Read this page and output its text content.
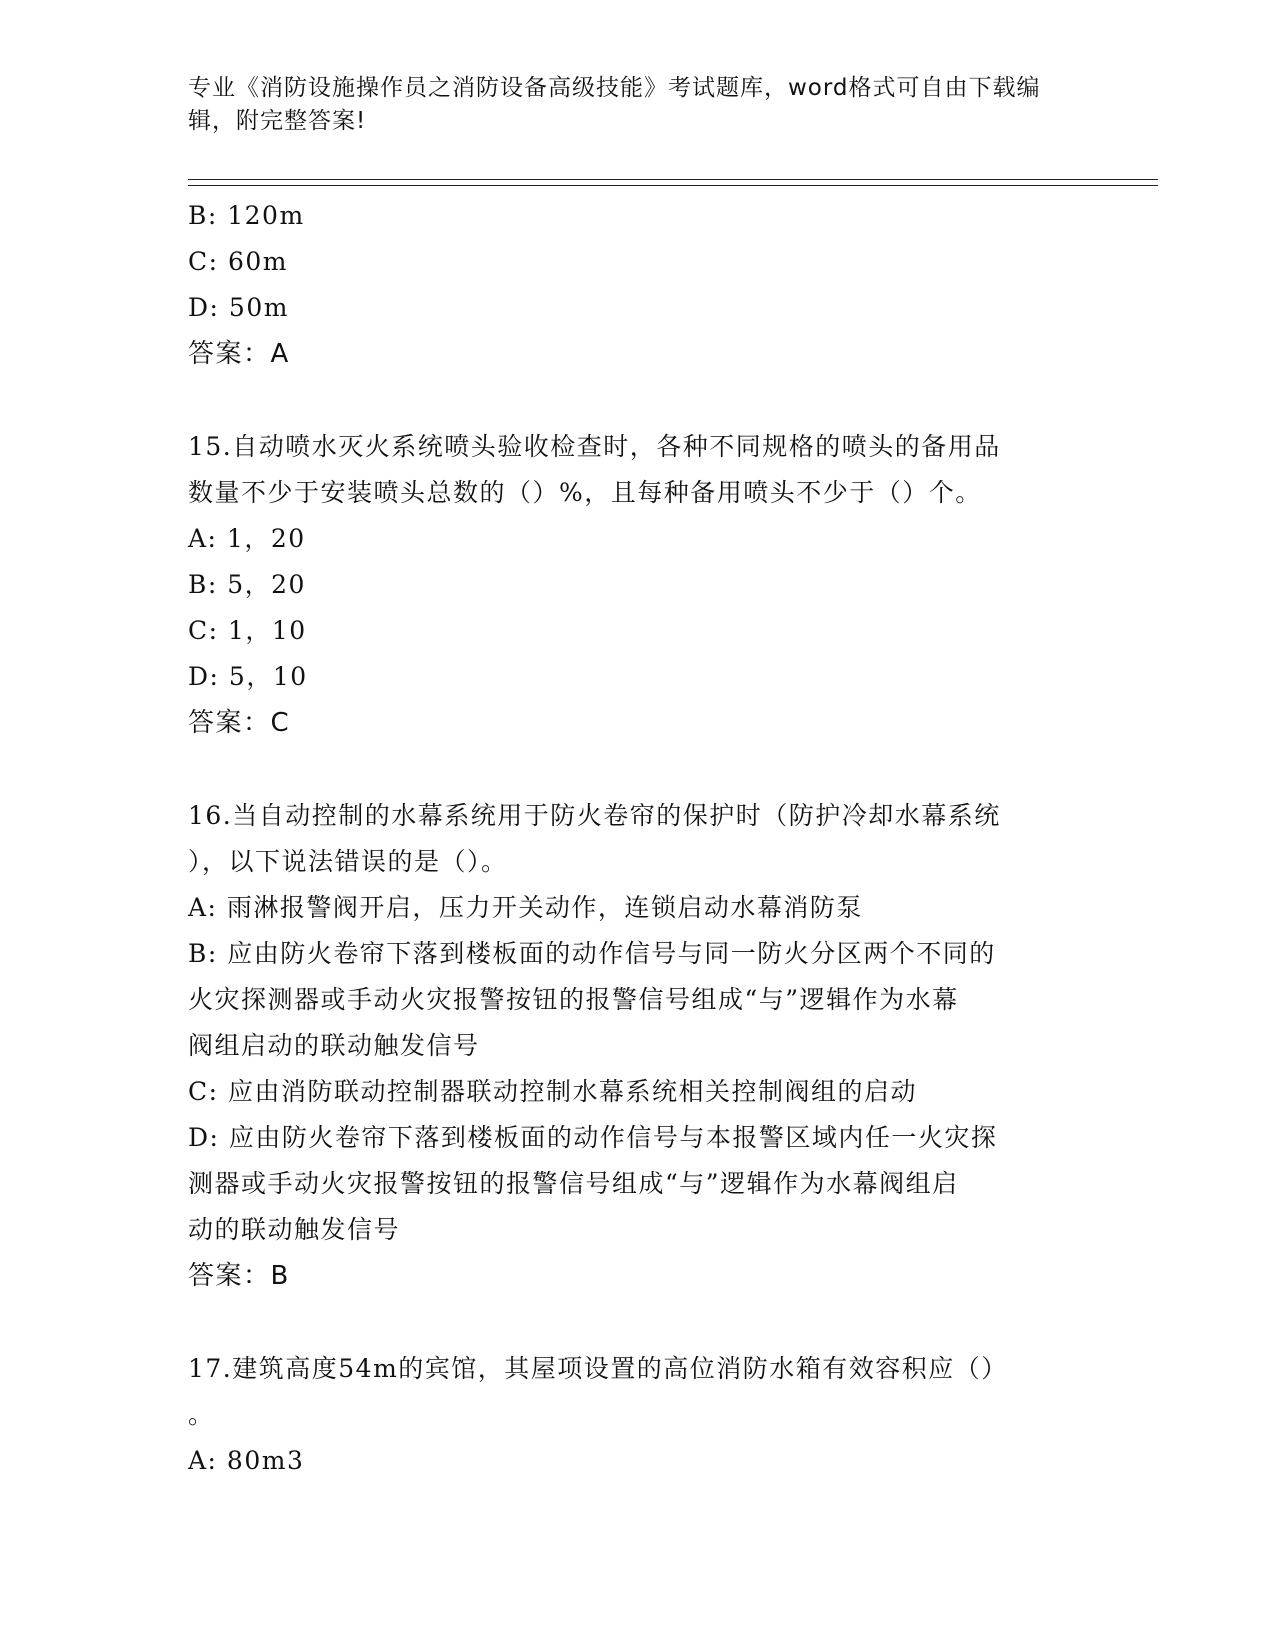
专业《消防设施操作员之消防设备高级技能》考试题库，word格式可自由下载编
辑，附完整答案!

B: 120m

C: 60m

D: 50m

答案：A

15.自动喷水灭火系统喷头验收检查时，各种不同规格的喷头的备用品

数量不少于安装喷头总数的（）%，且每种备用喷头不少于（）个。

A: 1，20

B: 5，20

C: 1，10

D: 5，10

答案：C

16.当自动控制的水幕系统用于防火卷帘的保护时（防护冷却水幕系统

），以下说法错误的是（）。

A: 雨淋报警阀开启，压力开关动作，连锁启动水幕消防泵

B: 应由防火卷帘下落到楼板面的动作信号与同一防火分区两个不同的

火灾探测器或手动火灾报警按钮的报警信号组成“与”逻辑作为水幕

阀组启动的联动触发信号

C: 应由消防联动控制器联动控制水幕系统相关控制阀组的启动

D: 应由防火卷帘下落到楼板面的动作信号与本报警区域内任一火灾探

测器或手动火灾报警按钮的报警信号组成“与”逻辑作为水幕阀组启

动的联动触发信号

答案：B

17.建筑高度54m的宾馆，其屋项设置的高位消防水箱有效容积应（）

。

A: 80m3
